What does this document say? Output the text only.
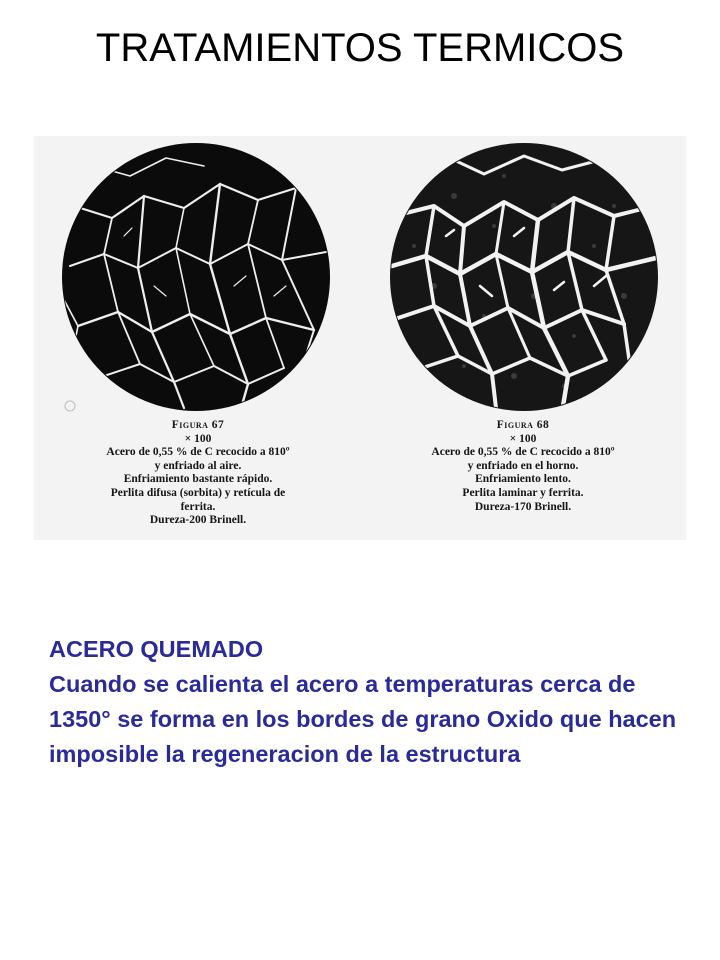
TRATAMIENTOS TERMICOS
Figura 67
× 100
Acero de 0,55 % de C recocido a 810º
y enfriado al aire.
Enfriamiento bastante rápido.
Perlita difusa (sorbita) y retícula de
ferrita.
Dureza-200 Brinell.
Figura 68
× 100
Acero de 0,55 % de C recocido a 810º
y enfriado en el horno.
Enfriamiento lento.
Perlita laminar y ferrita.
Dureza-170 Brinell.
ACERO QUEMADO
Cuando se calienta el acero a temperaturas cerca de 1350° se forma en los bordes de grano Oxido que hacen imposible la regeneracion de la estructura
